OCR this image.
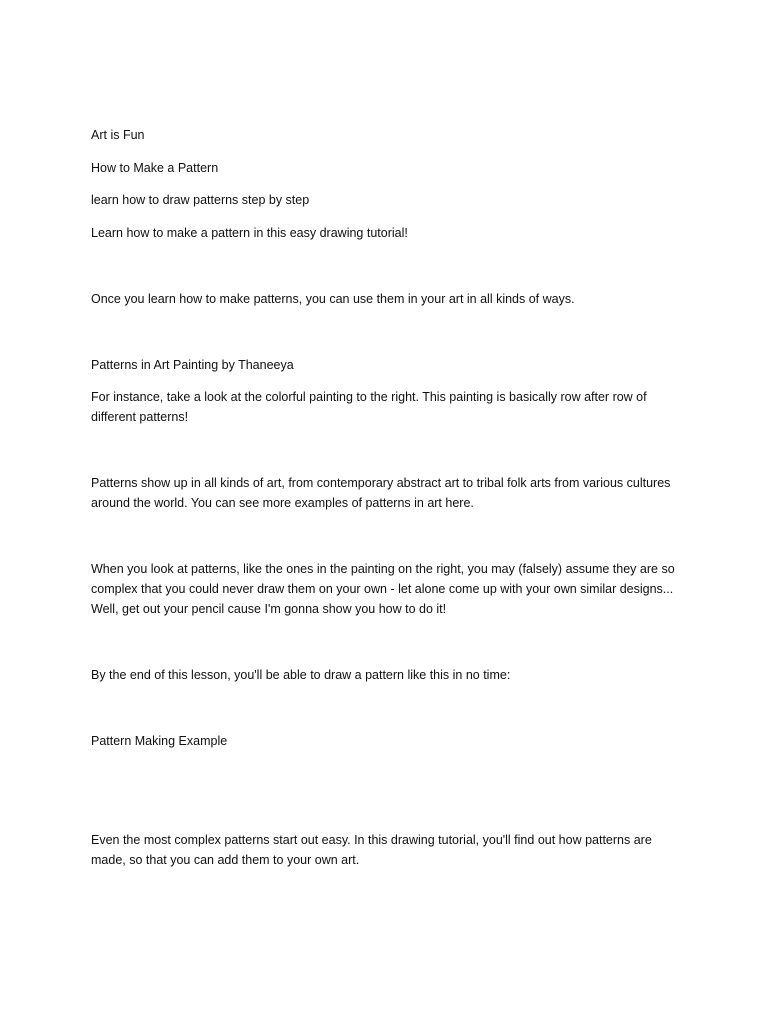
Art is Fun

How to Make a Pattern

learn how to draw patterns step by step

Learn how to make a pattern in this easy drawing tutorial!

Once you learn how to make patterns, you can use them in your art in all kinds of ways.

Patterns in Art Painting by Thaneeya

For instance, take a look at the colorful painting to the right. This painting is basically row after row of different patterns!

Patterns show up in all kinds of art, from contemporary abstract art to tribal folk arts from various cultures around the world. You can see more examples of patterns in art here.

When you look at patterns, like the ones in the painting on the right, you may (falsely) assume they are so complex that you could never draw them on your own - let alone come up with your own similar designs... Well, get out your pencil cause I'm gonna show you how to do it!

By the end of this lesson, you'll be able to draw a pattern like this in no time:

Pattern Making Example

Even the most complex patterns start out easy. In this drawing tutorial, you'll find out how patterns are made, so that you can add them to your own art.
